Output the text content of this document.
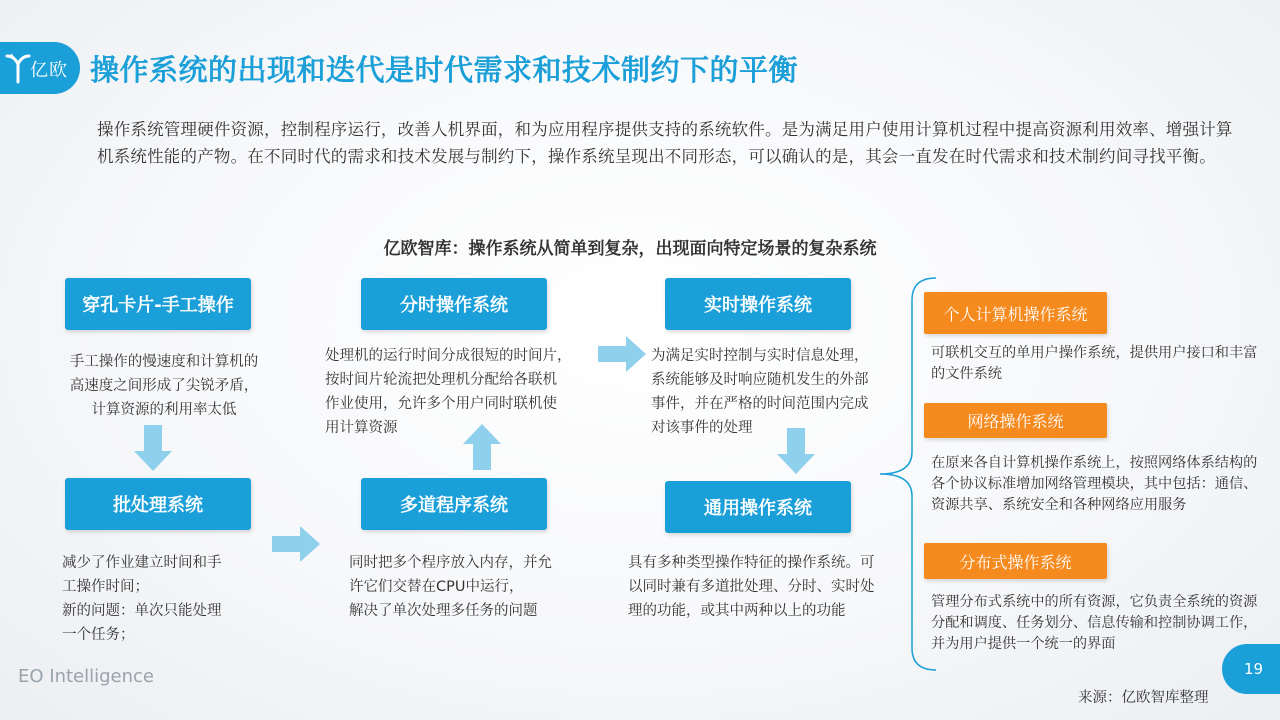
亿欧 操作系统的出现和迭代是时代需求和技术制约下的平衡
操作系统管理硬件资源，控制程序运行，改善人机界面，和为应用程序提供支持的系统软件。是为满足用户使用计算机过程中提高资源利用效率、增强计算机系统性能的产物。在不同时代的需求和技术发展与制约下，操作系统呈现出不同形态，可以确认的是，其会一直发在时代需求和技术制约间寻找平衡。
亿欧智库：操作系统从简单到复杂，出现面向特定场景的复杂系统
穿孔卡片-手工操作
手工操作的慢速度和计算机的
高速度之间形成了尖锐矛盾，
计算资源的利用率太低
批处理系统
减少了作业建立时间和手
工操作时间；
新的问题：单次只能处理
一个任务；
分时操作系统
处理机的运行时间分成很短的时间片，
按时间片轮流把处理机分配给各联机
作业使用，允许多个用户同时联机使
用计算资源
多道程序系统
同时把多个程序放入内存，并允
许它们交替在CPU中运行，
解决了单次处理多任务的问题
实时操作系统
为满足实时控制与实时信息处理，
系统能够及时响应随机发生的外部
事件，并在严格的时间范围内完成
对该事件的处理
通用操作系统
具有多种类型操作特征的操作系统。可
以同时兼有多道批处理、分时、实时处
理的功能，或其中两种以上的功能
个人计算机操作系统
可联机交互的单用户操作系统，提供用户接口和丰富的文件系统
网络操作系统
在原来各自计算机操作系统上，按照网络体系结构的各个协议标准增加网络管理模块，其中包括：通信、资源共享、系统安全和各种网络应用服务
分布式操作系统
管理分布式系统中的所有资源，它负责全系统的资源分配和调度、任务划分、信息传输和控制协调工作，并为用户提供一个统一的界面
EO Intelligence	19
来源：亿欧智库整理
